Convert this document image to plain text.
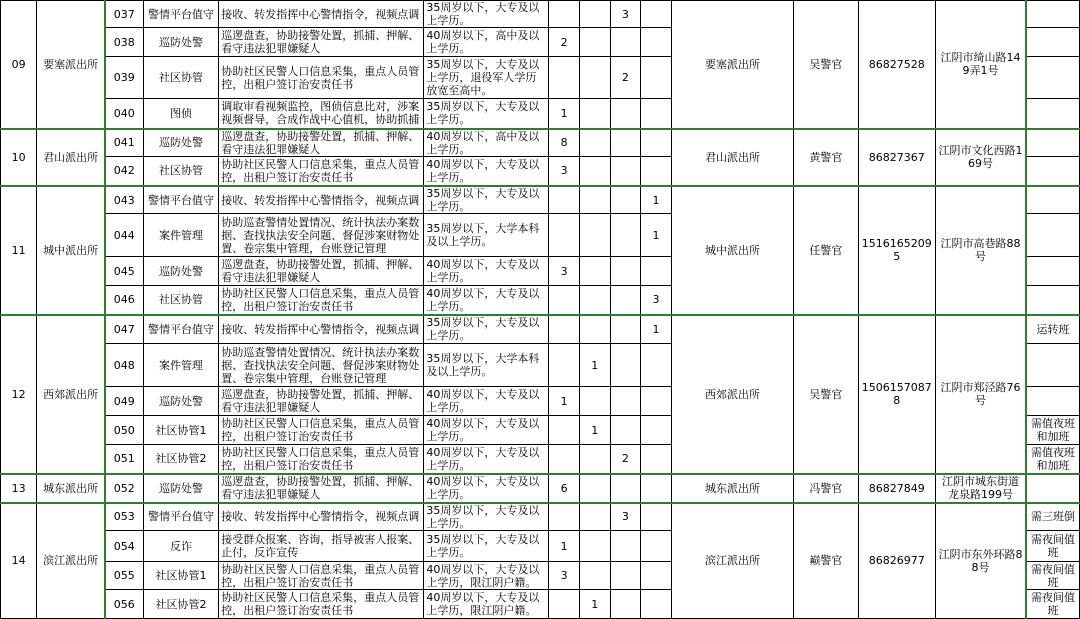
09	要塞派出所	037	警情平台值守	接收、转发指挥中心警情指令，视频点调	35周岁以下，大专及以上学历。			3		要塞派出所	吴警官	86827528	江阴市绮山路149弄1号	
		038	巡防处警	巡逻盘查，协助接警处置，抓捕、押解、看守违法犯罪嫌疑人	40周岁以下，高中及以上学历。	2								
		039	社区协管	协助社区民警人口信息采集，重点人员管控，出租户签订治安责任书	35周岁以下，大专及以上学历，退役军人学历放宽至高中。			2						
		040	图侦	调取审看视频监控，图侦信息比对，涉案视频督导，合成作战中心值机，协助抓捕	35周岁以下，大专及以上学历。	1								
10	君山派出所	041	巡防处警	巡逻盘查，协助接警处置，抓捕、押解、看守违法犯罪嫌疑人	40周岁以下，高中及以上学历。	8				君山派出所	黄警官	86827367	江阴市文化西路169号	
		042	社区协管	协助社区民警人口信息采集，重点人员管控，出租户签订治安责任书	40周岁以下，大专及以上学历。	3								
11	城中派出所	043	警情平台值守	接收、转发指挥中心警情指令，视频点调	35周岁以下，大专及以上学历。				1	城中派出所	任警官	15161652095	江阴市高巷路88号	
		044	案件管理	协助巡查警情处置情况、统计执法办案数据、查找执法安全问题、督促涉案财物处置、卷宗集中管理，台账登记管理	35周岁以下，大学本科及以上学历。				1					
		045	巡防处警	巡逻盘查，协助接警处置，抓捕、押解、看守违法犯罪嫌疑人	40周岁以下，大专及以上学历。	3								
		046	社区协管	协助社区民警人口信息采集，重点人员管控，出租户签订治安责任书	40周岁以下，大专及以上学历。				3					
12	西郊派出所	047	警情平台值守	接收、转发指挥中心警情指令，视频点调	35周岁以下，大专及以上学历。				1	西郊派出所	吴警官	15061570878	江阴市郑泾路76号	运转班
		048	案件管理	协助巡查警情处置情况、统计执法办案数据、查找执法安全问题、督促涉案财物处置、卷宗集中管理，台账登记管理	35周岁以下，大学本科及以上学历。		1							
		049	巡防处警	巡逻盘查，协助接警处置，抓捕、押解、看守违法犯罪嫌疑人	40周岁以下，大专及以上学历。	1								
		050	社区协管1	协助社区民警人口信息采集，重点人员管控，出租户签订治安责任书	40周岁以下，大专及以上学历。		1							需值夜班和加班
		051	社区协管2	协助社区民警人口信息采集，重点人员管控，出租户签订治安责任书	40周岁以下，大专及以上学历。			2						需值夜班和加班
13	城东派出所	052	巡防处警	巡逻盘查，协助接警处置，抓捕、押解、看守违法犯罪嫌疑人	40周岁以下，大专及以上学历。	6				城东派出所	冯警官	86827849	江阴市城东街道龙泉路199号	
14	滨江派出所	053	警情平台值守	接收、转发指挥中心警情指令，视频点调	35周岁以下，大专及以上学历。			3		滨江派出所	巅警官	86826977	江阴市东外环路88号	需三班倒
		054	反诈	接受群众报案、咨询，指导被害人报案、止付，反诈宣传	35周岁以下，大专及以上学历。	1								需夜间值班
		055	社区协管1	协助社区民警人口信息采集，重点人员管控，出租户签订治安责任书	40周岁以下，大专及以上学历，限江阴户籍。	3								需夜间值班
		056	社区协管2	协助社区民警人口信息采集，重点人员管控，出租户签订治安责任书	40周岁以下，大专及以上学历，限江阴户籍。		1							需夜间值班
